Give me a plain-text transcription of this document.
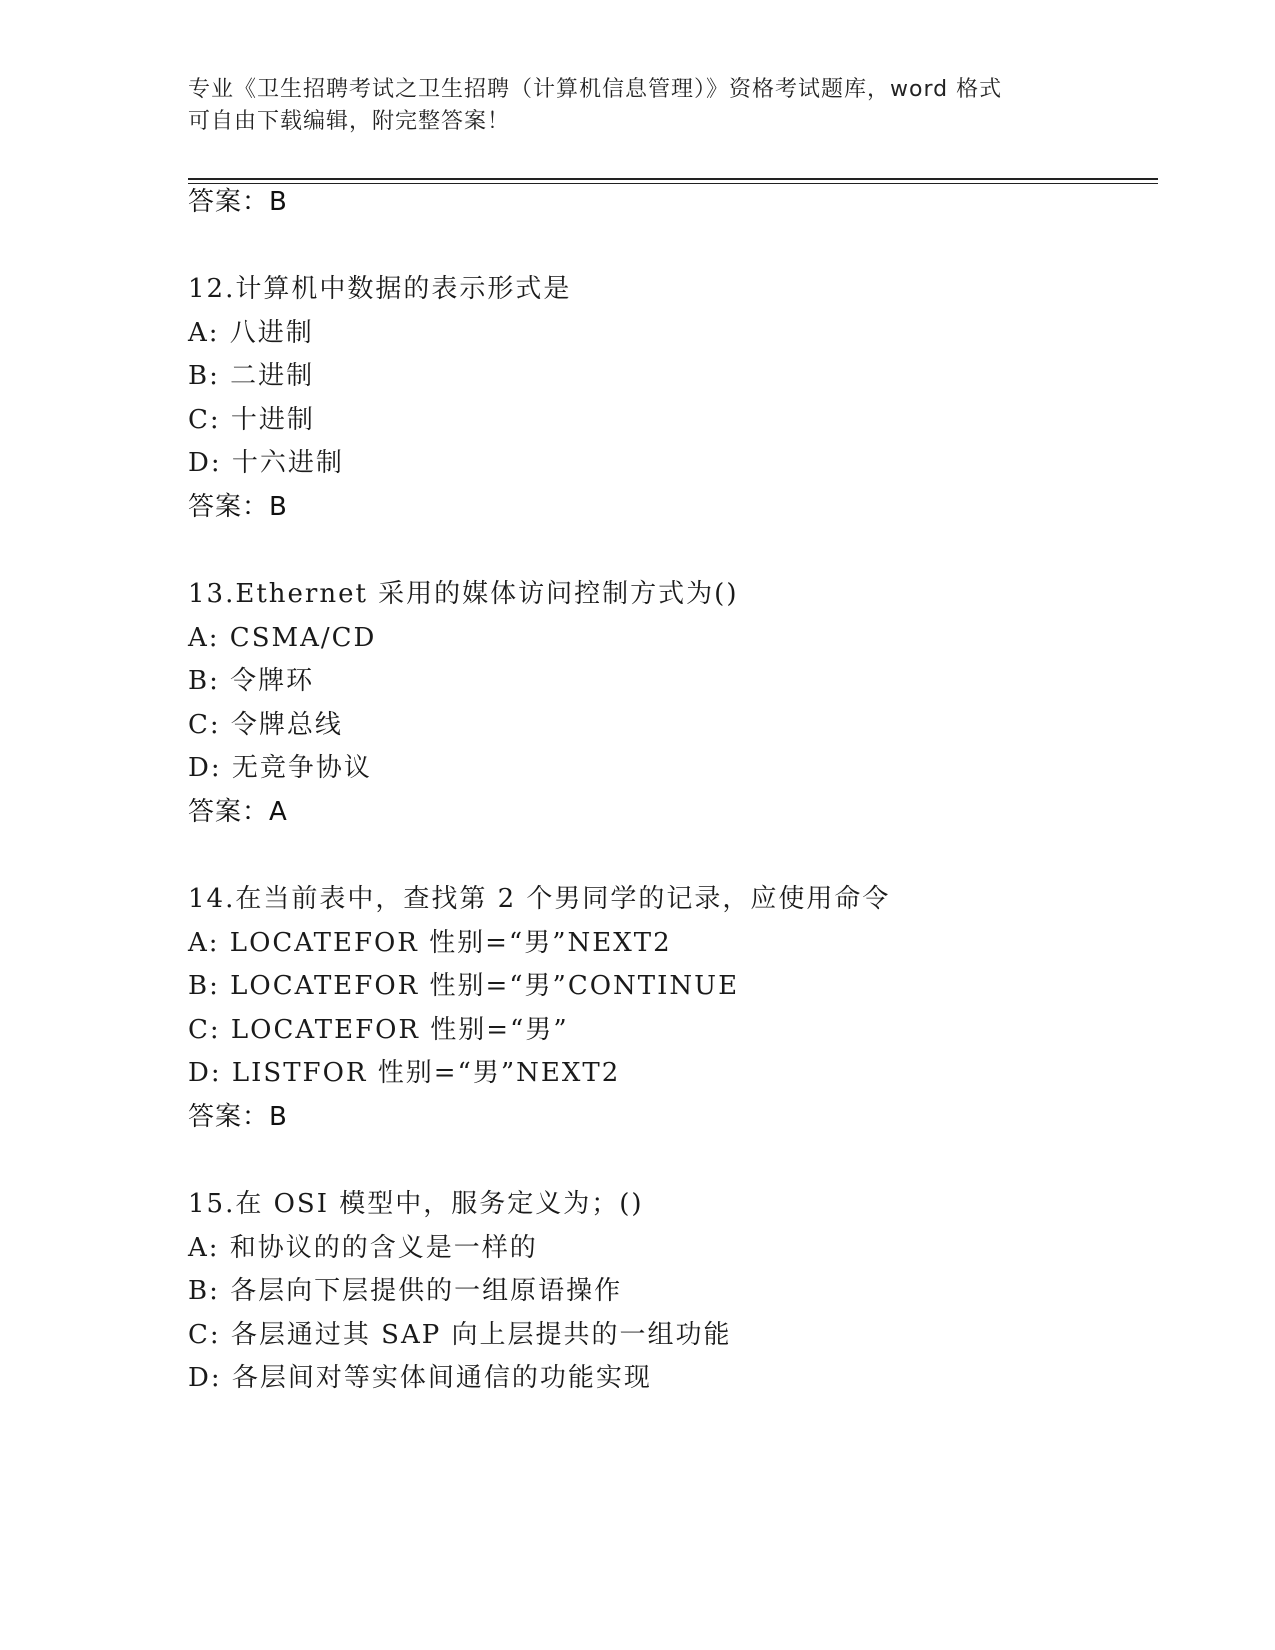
专业《卫生招聘考试之卫生招聘（计算机信息管理）》资格考试题库，word 格式
可自由下载编辑，附完整答案！
答案：B
12.计算机中数据的表示形式是
A: 八进制
B: 二进制
C: 十进制
D: 十六进制
答案：B
13.Ethernet 采用的媒体访问控制方式为()
A: CSMA/CD
B: 令牌环
C: 令牌总线
D: 无竞争协议
答案：A
14.在当前表中，查找第 2 个男同学的记录，应使用命令
A: LOCATEFOR 性别=“男”NEXT2
B: LOCATEFOR 性别=“男”CONTINUE
C: LOCATEFOR 性别=“男”
D: LISTFOR 性别=“男”NEXT2
答案：B
15.在 OSI 模型中，服务定义为；()
A: 和协议的的含义是一样的
B: 各层向下层提供的一组原语操作
C: 各层通过其 SAP 向上层提共的一组功能
D: 各层间对等实体间通信的功能实现
